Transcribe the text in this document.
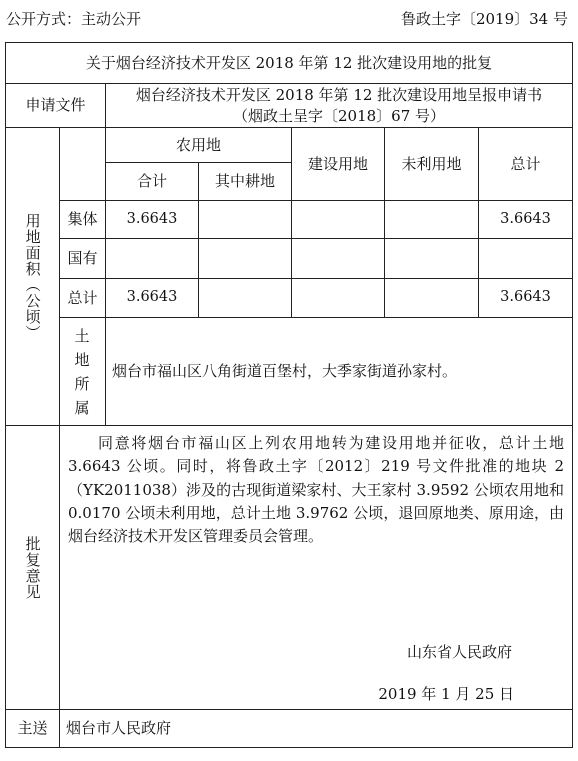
公开方式：主动公开	鲁政土字〔2019〕34 号
关于烟台经济技术开发区 2018 年第 12 批次建设用地的批复						
申请文件		烟台经济技术开发区 2018 年第 12 批次建设用地呈报申请书
（烟政土呈字〔2018〕67 号）				

用地面积（公顷）		农用地		建设用地	未利用地	总计
		合计	其中耕地			
	集体	3.6643				3.6643
	国有					
	总计	3.6643				3.6643

	土地所属	烟台市福山区八角街道百堡村，大季家街道孙家村。				

批复意见	同意将烟台市福山区上列农用地转为建设用地并征收，总计土地3.6643 公顷。同时，将鲁政土字〔2012〕219 号文件批准的地块 2（YK2011038）涉及的古现街道梁家村、大王家村 3.9592 公顷农用地和 0.0170 公顷未利用地，总计土地 3.9762 公顷，退回原地类、原用途，由烟台经济技术开发区管理委员会管理。

山东省人民政府
2019 年 1 月 25 日					

主送	烟台市人民政府					
